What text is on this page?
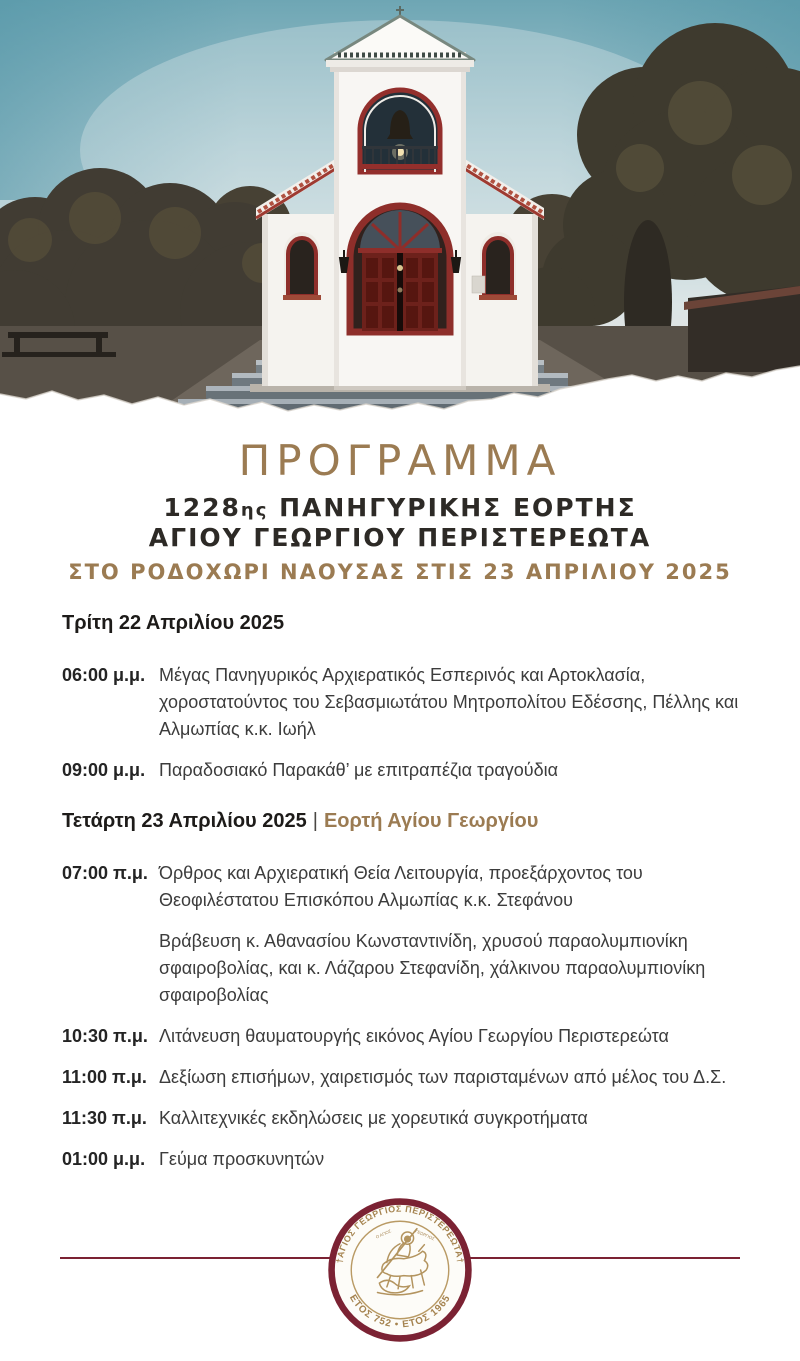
ΠΡΟΓΡΑΜΜΑ
1228ης ΠΑΝΗΓΥΡΙΚΗΣ ΕΟΡΤΗΣ
ΑΓΙΟΥ ΓΕΩΡΓΙΟΥ ΠΕΡΙΣΤΕΡΕΩΤΑ
ΣΤΟ ΡΟΔΟΧΩΡΙ ΝΑΟΥΣΑΣ ΣΤΙΣ 23 ΑΠΡΙΛΙΟΥ 2025
Τρίτη 22 Απριλίου 2025
06:00 μ.μ. Μέγας Πανηγυρικός Αρχιερατικός Εσπερινός και Αρτοκλασία, χοροστατούντος του Σεβασμιωτάτου Μητροπολίτου Εδέσσης, Πέλλης και Αλμωπίας κ.κ. Ιωήλ
09:00 μ.μ. Παραδοσιακό Παρακάθ’ με επιτραπέζια τραγούδια
Τετάρτη 23 Απριλίου 2025 | Εορτή Αγίου Γεωργίου
07:00 π.μ. Όρθρος και Αρχιερατική Θεία Λειτουργία, προεξάρχοντος του Θεοφιλέστατου Επισκόπου Αλμωπίας κ.κ. Στεφάνου
Βράβευση κ. Αθανασίου Κωνσταντινίδη, χρυσού παραολυμπιονίκη σφαιροβολίας, και κ. Λάζαρου Στεφανίδη, χάλκινου παραολυμπιονίκη σφαιροβολίας
10:30 π.μ. Λιτάνευση θαυματουργής εικόνος Αγίου Γεωργίου Περιστερεώτα
11:00 π.μ. Δεξίωση επισήμων, χαιρετισμός των παρισταμένων από μέλος του Δ.Σ.
11:30 π.μ. Καλλιτεχνικές εκδηλώσεις με χορευτικά συγκροτήματα
01:00 μ.μ. Γεύμα προσκυνητών
†ΑΓΙΟΣ ΓΕΩΡΓΙΟΣ ΠΕΡΙΣΤΕΡΕΩΤΑ†
ΕΤΟΣ 752 • ΕΤΟΣ 1965
Ο ΑΓΙΟΣ	ΓΕΩΡΓΙΟΣ
